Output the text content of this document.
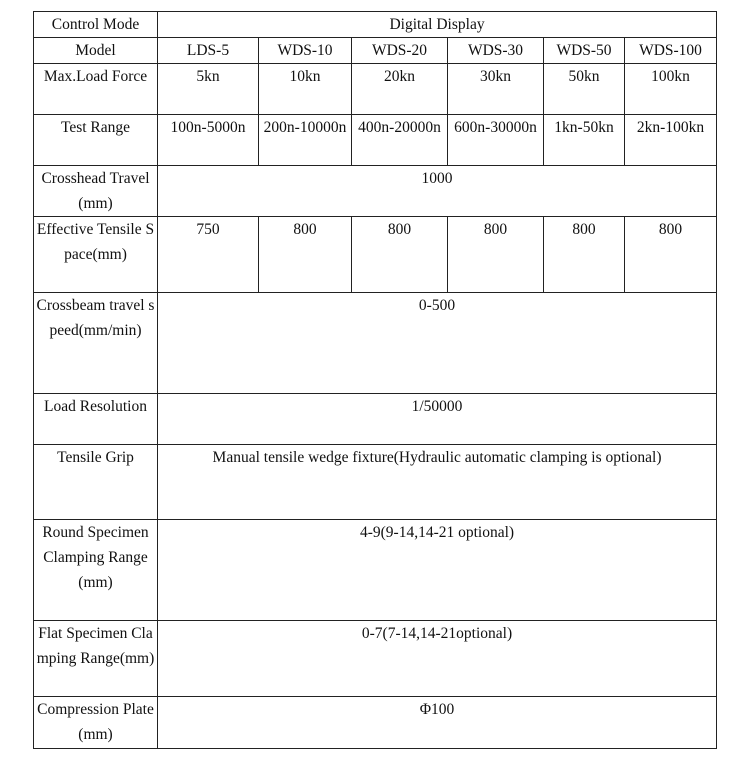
Control Mode	Digital Display					
Model	LDS-5	WDS-10	WDS-20	WDS-30	WDS-50	WDS-100
Max.Load Force	5kn	10kn	20kn	30kn	50kn	100kn
Test Range	100n-5000n	200n-10000n	400n-20000n	600n-30000n	1kn-50kn	2kn-100kn
Crosshead Travel(mm)	1000					
Effective Tensile Space(mm)	750	800	800	800	800	800
Crossbeam travel speed(mm/min)	0-500					
Load Resolution	1/50000					
Tensile Grip	Manual tensile wedge fixture(Hydraulic automatic clamping is optional)					
Round Specimen Clamping Range(mm)	4-9(9-14,14-21 optional)					
Flat Specimen Clamping Range(mm)	0-7(7-14,14-21optional)					
Compression Plate(mm)	Φ100					
